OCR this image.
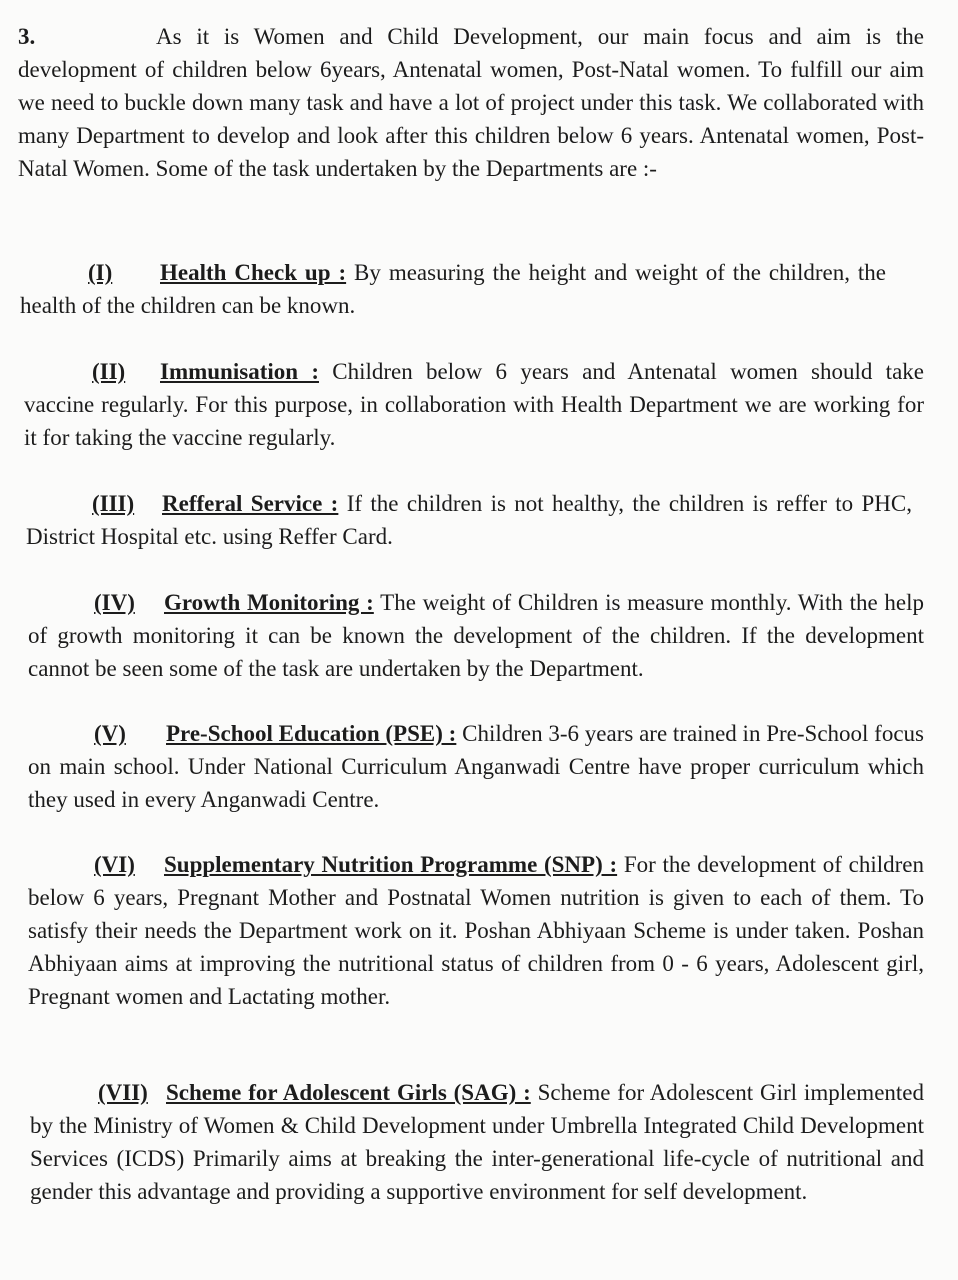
3.	As it is Women and Child Development, our main focus and aim is the development of children below 6years, Antenatal women, Post-Natal women. To fulfill our aim we need to buckle down many task and have a lot of project under this task. We collaborated with many Department to develop and look after this children below 6 years. Antenatal women, Post-Natal Women. Some of the task undertaken by the Departments are :-
(I) Health Check up : By measuring the height and weight of the children, the health of the children can be known.
(II) Immunisation : Children below 6 years and Antenatal women should take vaccine regularly. For this purpose, in collaboration with Health Department we are working for it for taking the vaccine regularly.
(III) Refferal Service : If the children is not healthy, the children is reffer to PHC, District Hospital etc. using Reffer Card.
(IV) Growth Monitoring : The weight of Children is measure monthly. With the help of growth monitoring it can be known the development of the children. If the development cannot be seen some of the task are undertaken by the Department.
(V) Pre-School Education (PSE) : Children 3-6 years are trained in Pre-School focus on main school. Under National Curriculum Anganwadi Centre have proper curriculum which they used in every Anganwadi Centre.
(VI) Supplementary Nutrition Programme (SNP) : For the development of children below 6 years, Pregnant Mother and Postnatal Women nutrition is given to each of them. To satisfy their needs the Department work on it. Poshan Abhiyaan Scheme is under taken. Poshan Abhiyaan aims at improving the nutritional status of children from 0 - 6 years, Adolescent girl, Pregnant women and Lactating mother.
(VII) Scheme for Adolescent Girls (SAG) : Scheme for Adolescent Girl implemented by the Ministry of Women & Child Development under Umbrella Integrated Child Development Services (ICDS) Primarily aims at breaking the inter-generational life-cycle of nutritional and gender this advantage and providing a supportive environment for self development.
